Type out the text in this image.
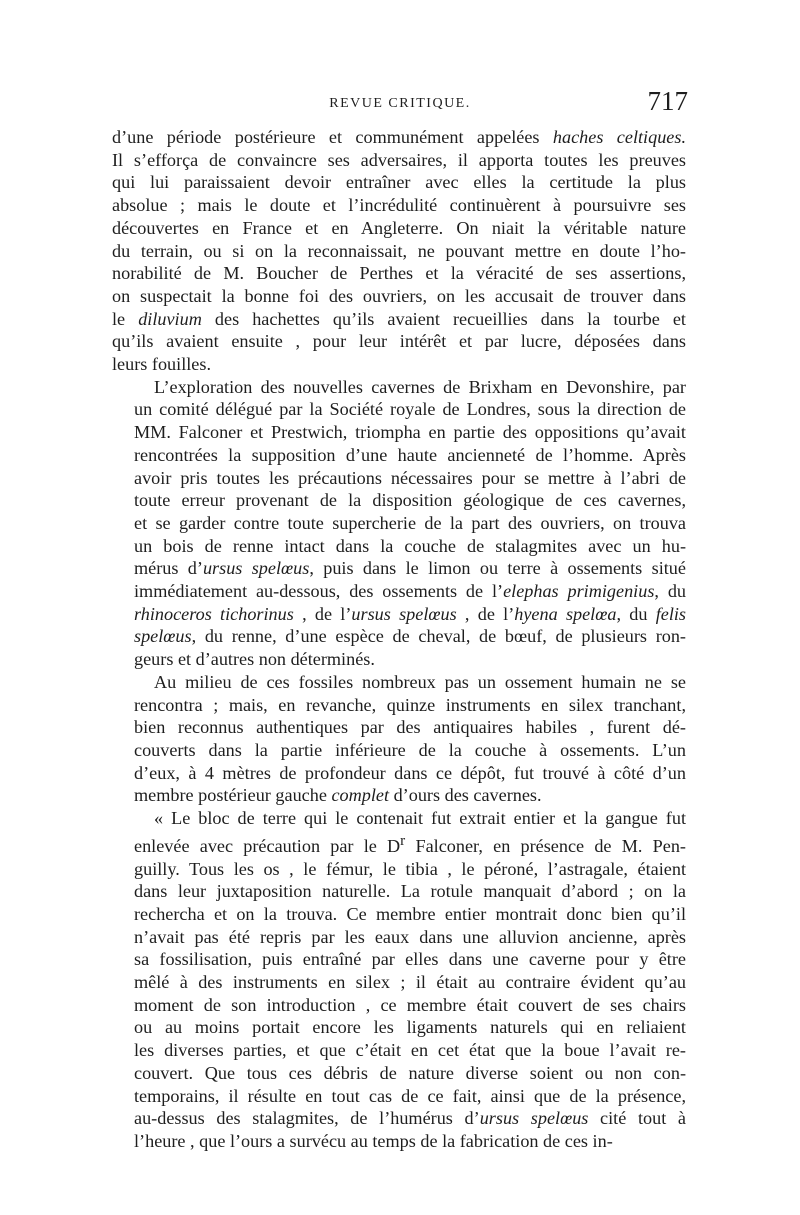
REVUE CRITIQUE.	717

d’une période postérieure et communément appelées haches celtiques.
Il s’efforça de convaincre ses adversaires, il apporta toutes les preuves
qui lui paraissaient devoir entraîner avec elles la certitude la plus
absolue ; mais le doute et l’incrédulité continuèrent à poursuivre ses
découvertes en France et en Angleterre. On niait la véritable nature
du terrain, ou si on la reconnaissait, ne pouvant mettre en doute l’ho-
norabilité de M. Boucher de Perthes et la véracité de ses assertions,
on suspectait la bonne foi des ouvriers, on les accusait de trouver dans
le diluvium des hachettes qu’ils avaient recueillies dans la tourbe et
qu’ils avaient ensuite , pour leur intérêt et par lucre, déposées dans
leurs fouilles.

L’exploration des nouvelles cavernes de Brixham en Devonshire, par
un comité délégué par la Société royale de Londres, sous la direction de
MM. Falconer et Prestwich, triompha en partie des oppositions qu’avait
rencontrées la supposition d’une haute ancienneté de l’homme. Après
avoir pris toutes les précautions nécessaires pour se mettre à l’abri de
toute erreur provenant de la disposition géologique de ces cavernes,
et se garder contre toute supercherie de la part des ouvriers, on trouva
un bois de renne intact dans la couche de stalagmites avec un hu-
mérus d’ursus spelœus, puis dans le limon ou terre à ossements situé
immédiatement au-dessous, des ossements de l’elephas primigenius, du
rhinoceros tichorinus , de l’ursus spelœus , de l’hyena spelœa, du felis
spelœus, du renne, d’une espèce de cheval, de bœuf, de plusieurs ron-
geurs et d’autres non déterminés.

Au milieu de ces fossiles nombreux pas un ossement humain ne se
rencontra ; mais, en revanche, quinze instruments en silex tranchant,
bien reconnus authentiques par des antiquaires habiles , furent dé-
couverts dans la partie inférieure de la couche à ossements. L’un
d’eux, à 4 mètres de profondeur dans ce dépôt, fut trouvé à côté d’un
membre postérieur gauche complet d’ours des cavernes.

« Le bloc de terre qui le contenait fut extrait entier et la gangue fut
enlevée avec précaution par le $D^r$ Falconer, en présence de M. Pen-
guilly. Tous les os , le fémur, le tibia , le péroné, l’astragale, étaient
dans leur juxtaposition naturelle. La rotule manquait d’abord ; on la
rechercha et on la trouva. Ce membre entier montrait donc bien qu’il
n’avait pas été repris par les eaux dans une alluvion ancienne, après
sa fossilisation, puis entraîné par elles dans une caverne pour y être
mêlé à des instruments en silex ; il était au contraire évident qu’au
moment de son introduction , ce membre était couvert de ses chairs
ou au moins portait encore les ligaments naturels qui en reliaient
les diverses parties, et que c’était en cet état que la boue l’avait re-
couvert. Que tous ces débris de nature diverse soient ou non con-
temporains, il résulte en tout cas de ce fait, ainsi que de la présence,
au-dessus des stalagmites, de l’humérus d’ursus spelœus cité tout à
l’heure , que l’ours a survécu au temps de la fabrication de ces in-
